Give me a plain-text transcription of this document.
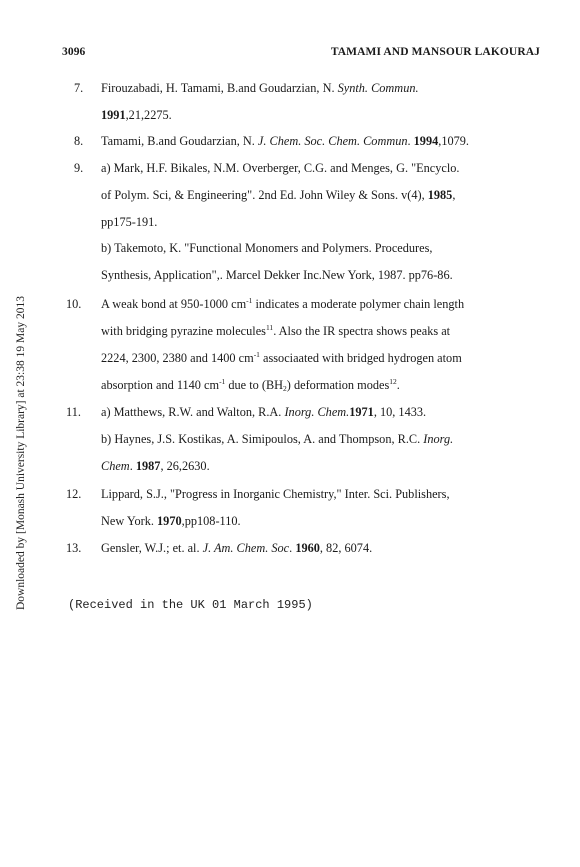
3096	TAMAMI AND MANSOUR LAKOURAJ
Downloaded by [Monash University Library] at 23:38 19 May 2013
7. Firouzabadi, H. Tamami, B.and Goudarzian, N. Synth. Commun.
1991,21,2275.
8. Tamami, B.and Goudarzian, N. J. Chem. Soc. Chem. Commun. 1994,1079.
9. a) Mark, H.F. Bikales, N.M. Overberger, C.G. and Menges, G. "Encyclo.
of Polym. Sci, & Engineering". 2nd Ed. John Wiley & Sons. v(4), 1985,
pp175-191.
b) Takemoto, K. "Functional Monomers and Polymers. Procedures,
Synthesis, Application",. Marcel Dekker Inc.New York, 1987. pp76-86.
10. A weak bond at 950-1000 $cm^{-1}$ indicates a moderate polymer chain length
with bridging pyrazine molecules$^{11}$. Also the IR spectra shows peaks at
2224, 2300, 2380 and 1400 $cm^{-1}$ associaated with bridged hydrogen atom
absorption and 1140 $cm^{-1}$ due to $(BH_2)$ deformation modes$^{12}$.
11. a) Matthews, R.W. and Walton, R.A. Inorg. Chem.1971, 10, 1433.
b) Haynes, J.S. Kostikas, A. Simipoulos, A. and Thompson, R.C. Inorg.
Chem. 1987, 26,2630.
12. Lippard, S.J., "Progress in Inorganic Chemistry," Inter. Sci. Publishers,
New York. 1970,pp108-110.
13. Gensler, W.J.; et. al. J. Am. Chem. Soc. 1960, 82, 6074.
(Received in the UK 01 March 1995)
